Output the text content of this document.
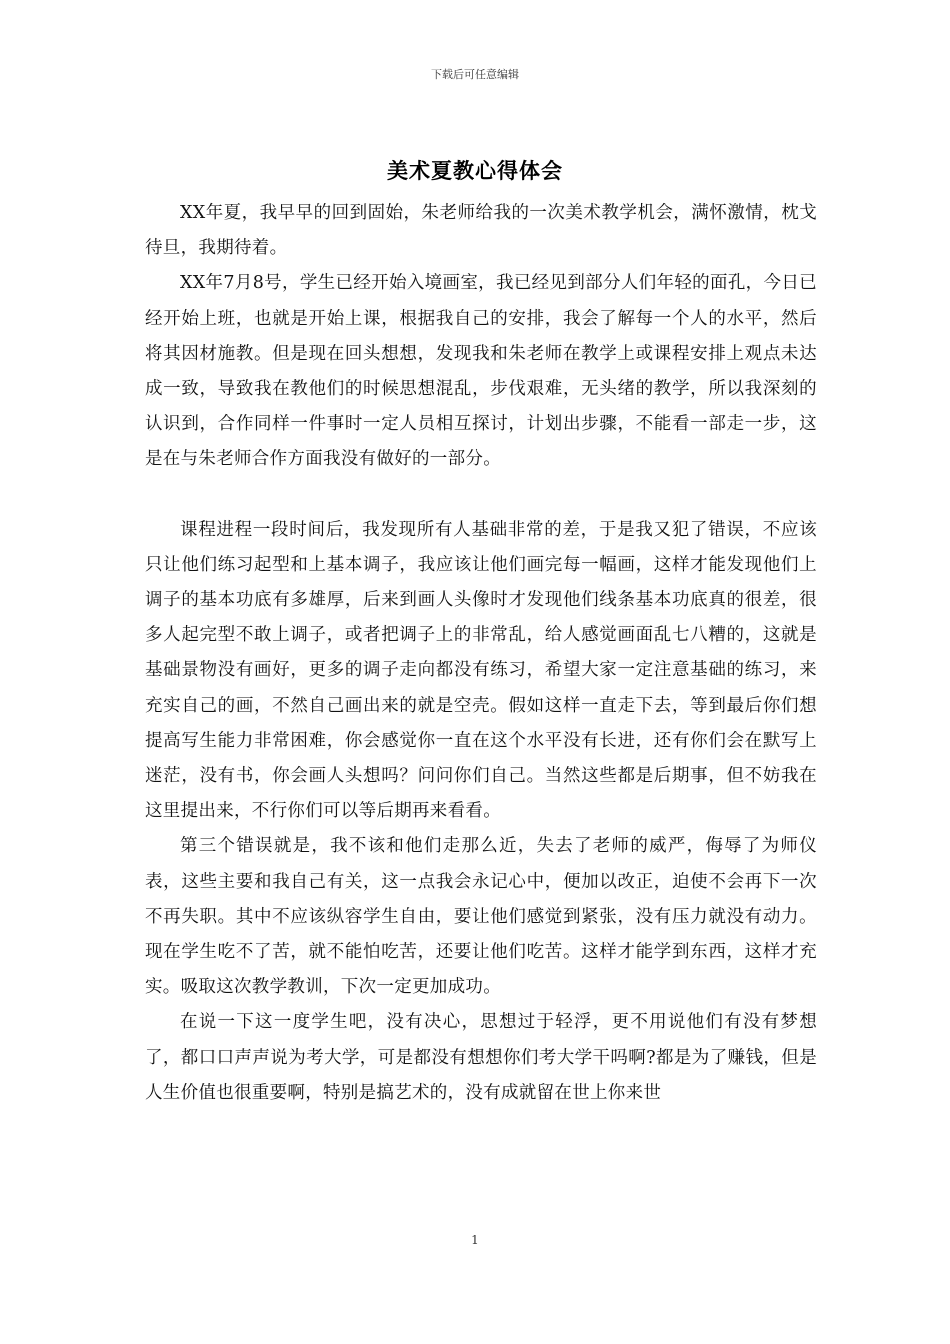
下载后可任意编辑
美术夏教心得体会

XX年夏，我早早的回到固始，朱老师给我的一次美术教学机会，满怀激情，枕戈待旦，我期待着。

XX年7月8号，学生已经开始入境画室，我已经见到部分人们年轻的面孔，今日已经开始上班，也就是开始上课，根据我自己的安排，我会了解每一个人的水平，然后将其因材施教。但是现在回头想想，发现我和朱老师在教学上或课程安排上观点未达成一致，导致我在教他们的时候思想混乱，步伐艰难，无头绪的教学，所以我深刻的认识到，合作同样一件事时一定人员相互探讨，计划出步骤，不能看一部走一步，这是在与朱老师合作方面我没有做好的一部分。

课程进程一段时间后，我发现所有人基础非常的差，于是我又犯了错误，不应该只让他们练习起型和上基本调子，我应该让他们画完每一幅画，这样才能发现他们上调子的基本功底有多雄厚，后来到画人头像时才发现他们线条基本功底真的很差，很多人起完型不敢上调子，或者把调子上的非常乱，给人感觉画面乱七八糟的，这就是基础景物没有画好，更多的调子走向都没有练习，希望大家一定注意基础的练习，来充实自己的画，不然自己画出来的就是空壳。假如这样一直走下去，等到最后你们想提高写生能力非常困难，你会感觉你一直在这个水平没有长进，还有你们会在默写上迷茫，没有书，你会画人头想吗？问问你们自己。当然这些都是后期事，但不妨我在这里提出来，不行你们可以等后期再来看看。

第三个错误就是，我不该和他们走那么近，失去了老师的威严，侮辱了为师仪表，这些主要和我自己有关，这一点我会永记心中，便加以改正，迫使不会再下一次不再失职。其中不应该纵容学生自由，要让他们感觉到紧张，没有压力就没有动力。现在学生吃不了苦，就不能怕吃苦，还要让他们吃苦。这样才能学到东西，这样才充实。吸取这次教学教训，下次一定更加成功。

在说一下这一度学生吧，没有决心，思想过于轻浮，更不用说他们有没有梦想了，都口口声声说为考大学，可是都没有想想你们考大学干吗啊?都是为了赚钱，但是人生价值也很重要啊，特别是搞艺术的，没有成就留在世上你来世

1
